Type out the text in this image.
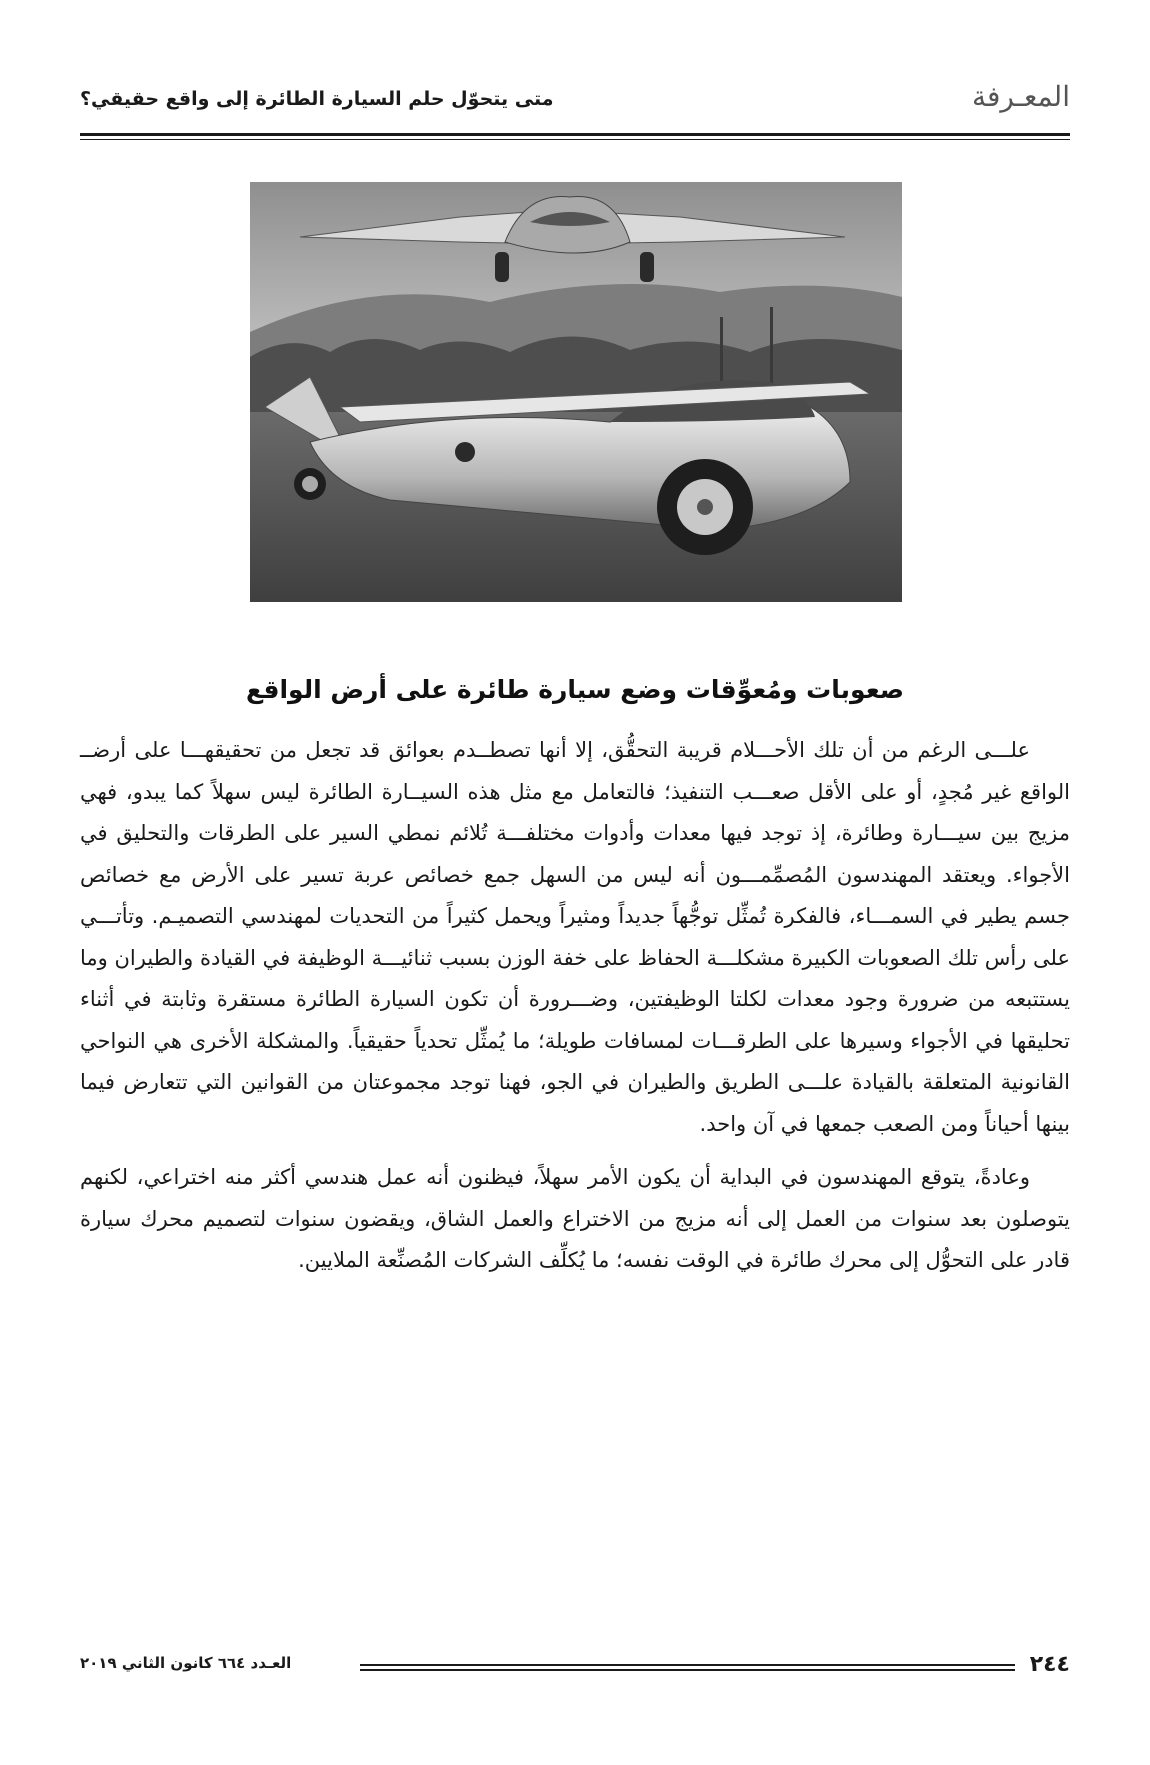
متى يتحوّل حلم السيارة الطائرة إلى واقع حقيقي؟	المعـرفة
صعوبات ومُعوِّقات وضع سيارة طائرة على أرض الواقع

علـــى الرغم من أن تلك الأحـــلام قريبة التحقُّق، إلا أنها تصطــدم بعوائق قد تجعل من تحقيقهـــا على أرضــ الواقع غير مُجدٍ، أو على الأقل صعـــب التنفيذ؛ فالتعامل مع مثل هذه السيــارة الطائرة ليس سهلاً كما يبدو، فهي مزيج بين سيـــارة وطائرة، إذ توجد فيها معدات وأدوات مختلفـــة تُلائم نمطي السير على الطرقات والتحليق في الأجواء. ويعتقد المهندسون المُصمِّمـــون أنه ليس من السهل جمع خصائص عربة تسير على الأرض مع خصائص جسم يطير في السمـــاء، فالفكرة تُمثِّل توجُّهاً جديداً ومثيراً ويحمل كثيراً من التحديات لمهندسي التصميـم. وتأتـــي على رأس تلك الصعوبات الكبيرة مشكلـــة الحفاظ على خفة الوزن بسبب ثنائيـــة الوظيفة في القيادة والطيران وما يستتبعه من ضرورة وجود معدات لكلتا الوظيفتين، وضـــرورة أن تكون السيارة الطائرة مستقرة وثابتة في أثناء تحليقها في الأجواء وسيرها على الطرقـــات لمسافات طويلة؛ ما يُمثِّل تحدياً حقيقياً. والمشكلة الأخرى هي النواحي القانونية المتعلقة بالقيادة علـــى الطريق والطيران في الجو، فهنا توجد مجموعتان من القوانين التي تتعارض فيما بينها أحياناً ومن الصعب جمعها في آن واحد.

وعادةً، يتوقع المهندسون في البداية أن يكون الأمر سهلاً، فيظنون أنه عمل هندسي أكثر منه اختراعي، لكنهم يتوصلون بعد سنوات من العمل إلى أنه مزيج من الاختراع والعمل الشاق، ويقضون سنوات لتصميم محرك سيارة قادر على التحوُّل إلى محرك طائرة في الوقت نفسه؛ ما يُكلِّف الشركات المُصنِّعة الملايين.

٢٤٤
العـدد ٦٦٤ كانون الثاني ٢٠١٩
